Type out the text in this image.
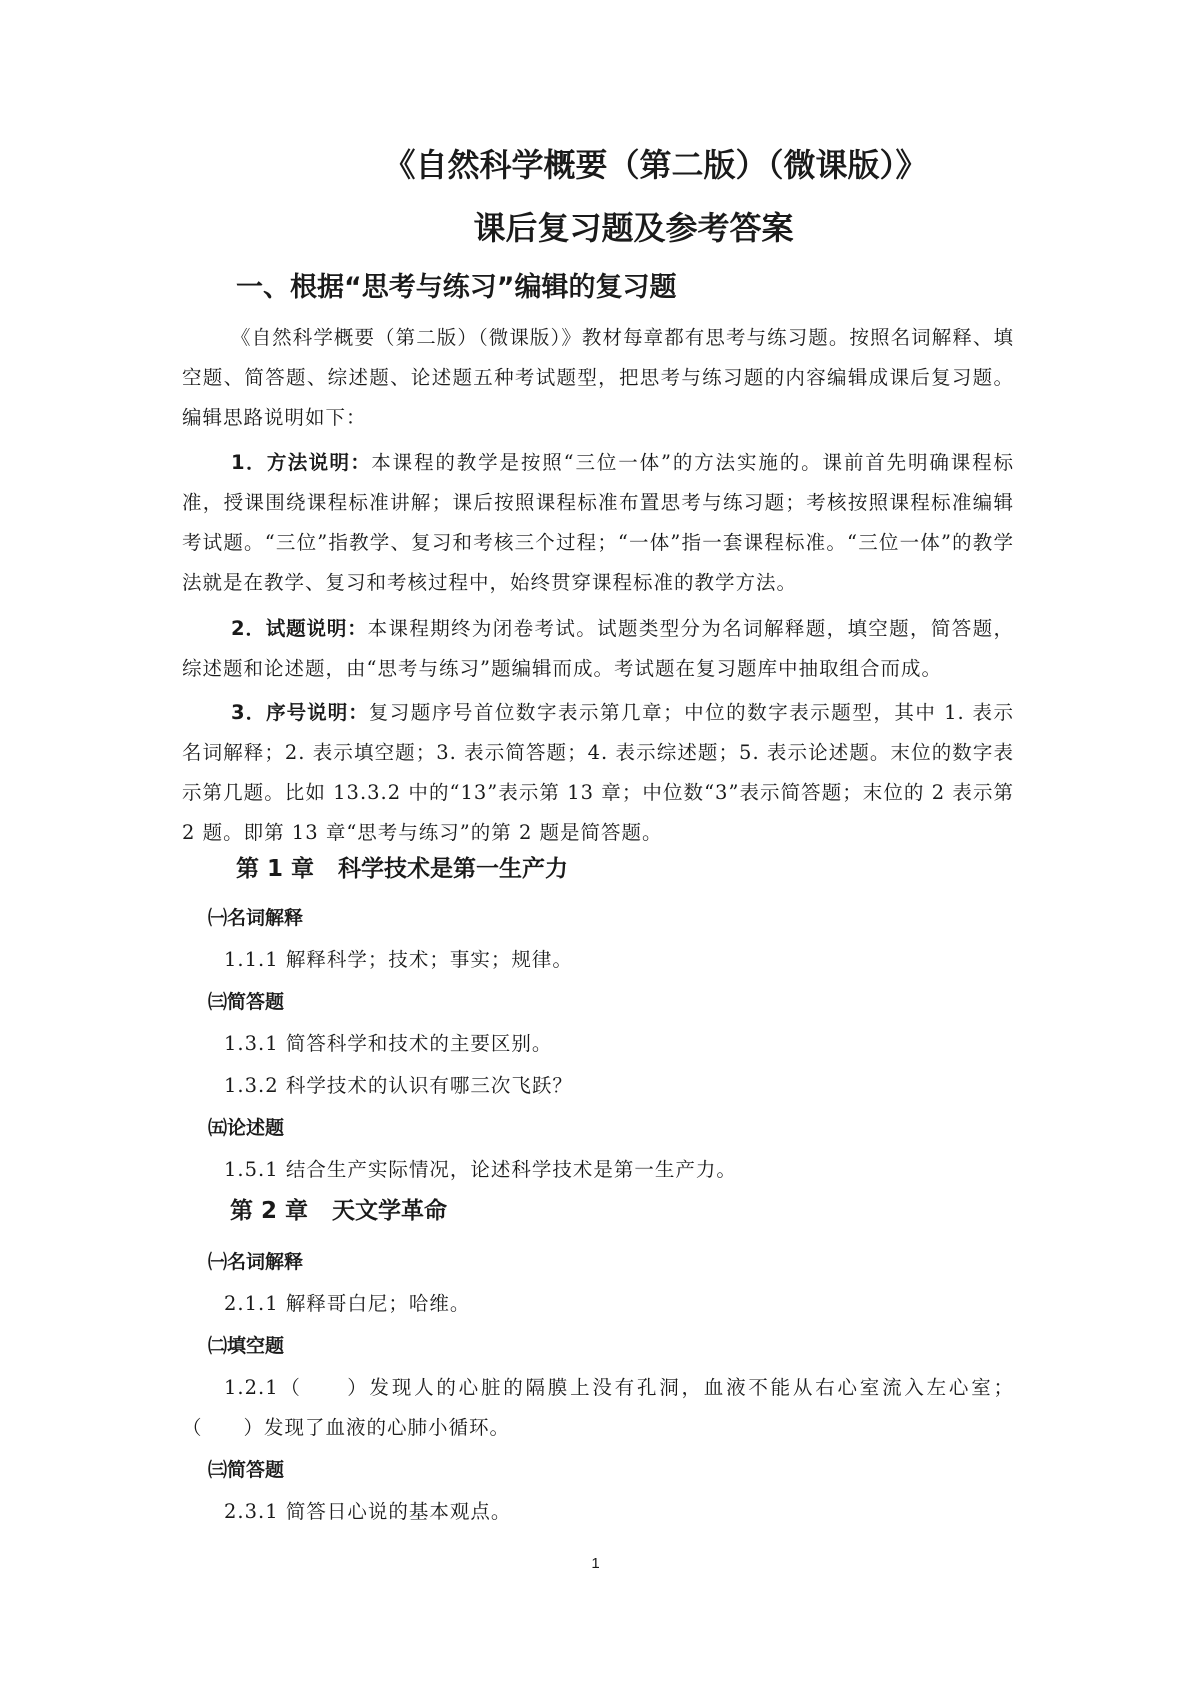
《自然科学概要（第二版）（微课版）》
课后复习题及参考答案
一、根据“思考与练习”编辑的复习题
《自然科学概要（第二版）（微课版）》教材每章都有思考与练习题。按照名词解释、填空题、简答题、综述题、论述题五种考试题型，把思考与练习题的内容编辑成课后复习题。编辑思路说明如下：
1．方法说明：本课程的教学是按照“三位一体”的方法实施的。课前首先明确课程标准，授课围绕课程标准讲解；课后按照课程标准布置思考与练习题；考核按照课程标准编辑考试题。“三位”指教学、复习和考核三个过程；“一体”指一套课程标准。“三位一体”的教学法就是在教学、复习和考核过程中，始终贯穿课程标准的教学方法。
2．试题说明：本课程期终为闭卷考试。试题类型分为名词解释题，填空题，简答题，综述题和论述题，由“思考与练习”题编辑而成。考试题在复习题库中抽取组合而成。
3．序号说明：复习题序号首位数字表示第几章；中位的数字表示题型，其中 1. 表示名词解释；2. 表示填空题；3. 表示简答题；4. 表示综述题；5. 表示论述题。末位的数字表示第几题。比如 13.3.2 中的“13”表示第 13 章；中位数“3”表示简答题；末位的 2 表示第 2 题。即第 13 章“思考与练习”的第 2 题是简答题。
第 1 章 科学技术是第一生产力
㈠名词解释
1.1.1 解释科学；技术；事实；规律。
㈢简答题
1.3.1 简答科学和技术的主要区别。
1.3.2 科学技术的认识有哪三次飞跃？
㈤论述题
1.5.1 结合生产实际情况，论述科学技术是第一生产力。
第 2 章 天文学革命
㈠名词解释
2.1.1 解释哥白尼；哈维。
㈡填空题
1.2.1（　　）发现人的心脏的隔膜上没有孔洞，血液不能从右心室流入左心室；（　　）发现了血液的心肺小循环。
㈢简答题
2.3.1 简答日心说的基本观点。
1
